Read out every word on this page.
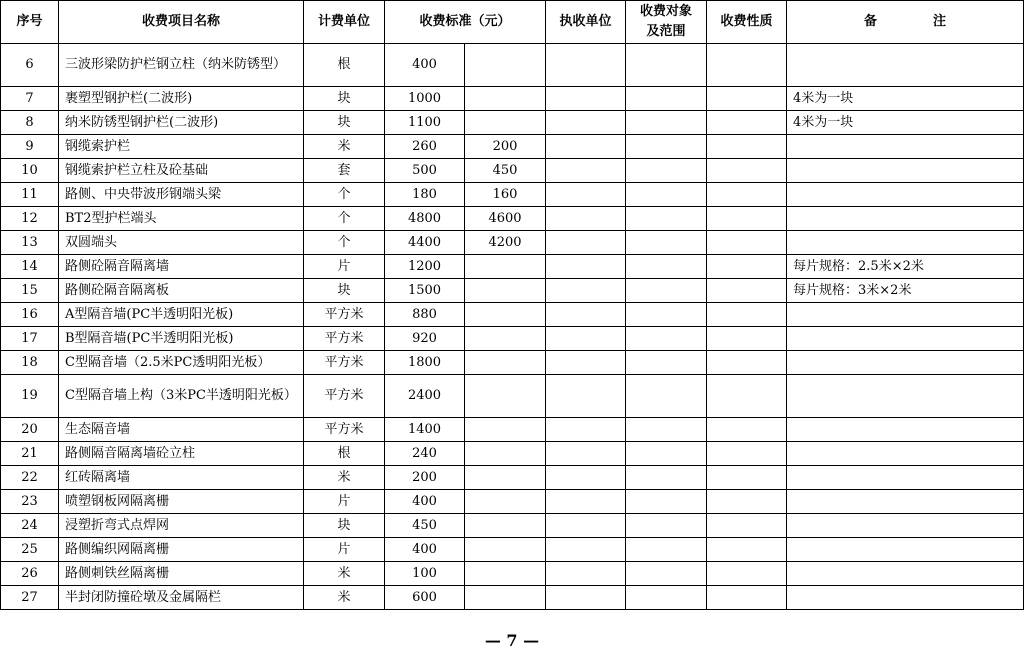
序号	收费项目名称	计费单位	收费标准（元）		执收单位	收费对象及范围	收费性质	备 注
6	三波形梁防护栏钢立柱（纳米防锈型）	根	400					
7	裹塑型钢护栏(二波形)	块	1000					4米为一块
8	纳米防锈型钢护栏(二波形)	块	1100					4米为一块
9	钢缆索护栏	米	260	200				
10	钢缆索护栏立柱及砼基础	套	500	450				
11	路侧、中央带波形钢端头梁	个	180	160				
12	BT2型护栏端头	个	4800	4600				
13	双圆端头	个	4400	4200				
14	路侧砼隔音隔离墙	片	1200					每片规格：2.5米×2米
15	路侧砼隔音隔离板	块	1500					每片规格：3米×2米
16	A型隔音墙(PC半透明阳光板)	平方米	880					
17	B型隔音墙(PC半透明阳光板)	平方米	920					
18	C型隔音墙（2.5米PC透明阳光板）	平方米	1800					
19	C型隔音墙上构（3米PC半透明阳光板）	平方米	2400					
20	生态隔音墙	平方米	1400					
21	路侧隔音隔离墙砼立柱	根	240					
22	红砖隔离墙	米	200					
23	喷塑钢板网隔离栅	片	400					
24	浸塑折弯式点焊网	块	450					
25	路侧编织网隔离栅	片	400					
26	路侧刺铁丝隔离栅	米	100					
27	半封闭防撞砼墩及金属隔栏	米	600					
— 7 —
